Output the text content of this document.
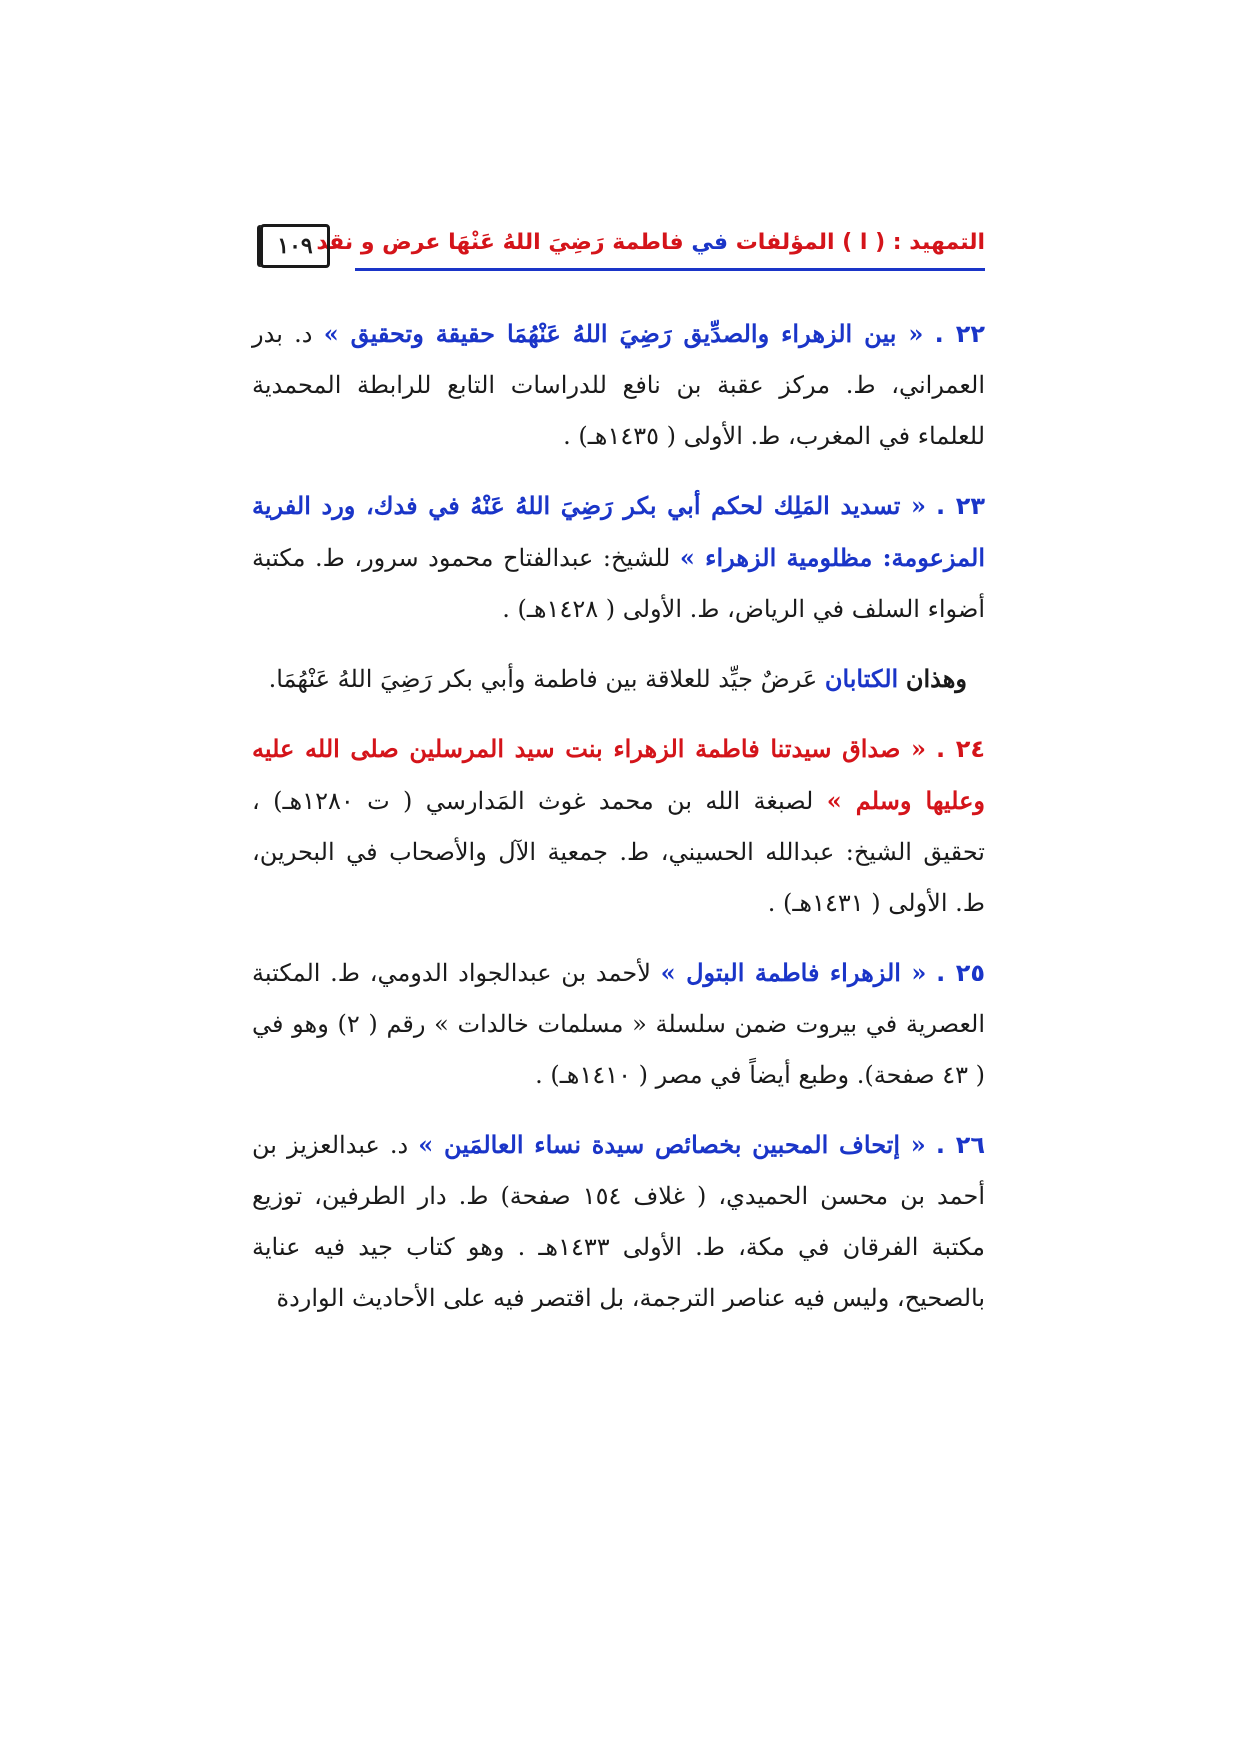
التمهيد : ( ا ) المؤلفات في فاطمة رَضِيَ اللهُ عَنْهَا عرض و نقد
١٠٩

٢٢ . « بين الزهراء والصدِّيق رَضِيَ اللهُ عَنْهُمَا حقيقة وتحقيق » د. بدر العمراني، ط. مركز عقبة بن نافع للدراسات التابع للرابطة المحمدية للعلماء في المغرب، ط. الأولى ( ١٤٣٥هـ) .

٢٣ . « تسديد المَلِك لحكم أبي بكر رَضِيَ اللهُ عَنْهُ في فدك، ورد الفرية المزعومة: مظلومية الزهراء » للشيخ: عبدالفتاح محمود سرور، ط. مكتبة أضواء السلف في الرياض، ط. الأولى ( ١٤٢٨هـ) .

وهذان الكتابان عَرضٌ جيِّد للعلاقة بين فاطمة وأبي بكر رَضِيَ اللهُ عَنْهُمَا.

٢٤ . « صداق سيدتنا فاطمة الزهراء بنت سيد المرسلين صلى الله عليه وعليها وسلم » لصبغة الله بن محمد غوث المَدارسي ( ت ١٢٨٠هـ) ، تحقيق الشيخ: عبدالله الحسيني، ط. جمعية الآل والأصحاب في البحرين، ط. الأولى ( ١٤٣١هـ) .

٢٥ . « الزهراء فاطمة البتول » لأحمد بن عبدالجواد الدومي، ط. المكتبة العصرية في بيروت ضمن سلسلة « مسلمات خالدات » رقم ( ٢) وهو في ( ٤٣ صفحة). وطبع أيضاً في مصر ( ١٤١٠هـ) .

٢٦ . « إتحاف المحبين بخصائص سيدة نساء العالمَين » د. عبدالعزيز بن أحمد بن محسن الحميدي، ( غلاف ١٥٤ صفحة) ط. دار الطرفين، توزيع مكتبة الفرقان في مكة، ط. الأولى ١٤٣٣هـ . وهو كتاب جيد فيه عناية بالصحيح، وليس فيه عناصر الترجمة، بل اقتصر فيه على الأحاديث الواردة
